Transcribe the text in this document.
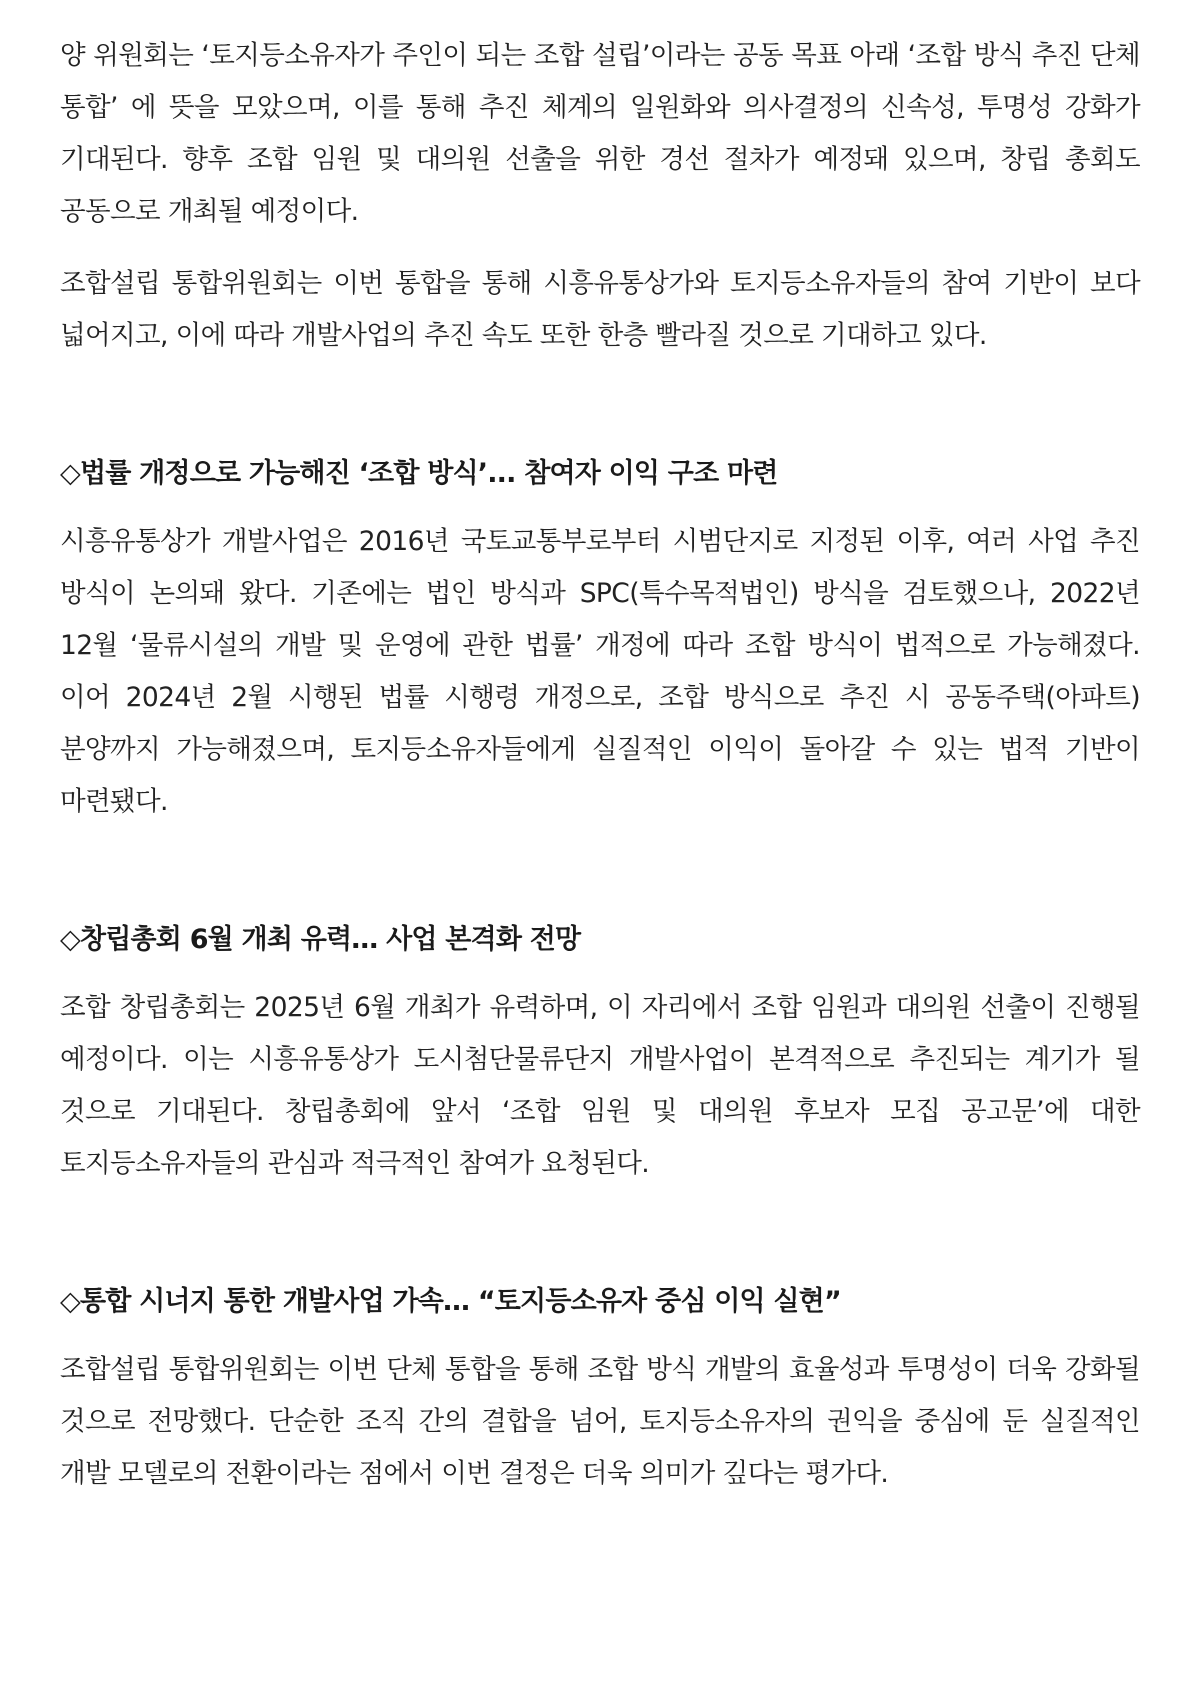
양 위원회는 ‘토지등소유자가 주인이 되는 조합 설립’이라는 공동 목표 아래 ‘조합 방식 추진 단체 통합’ 에 뜻을 모았으며, 이를 통해 추진 체계의 일원화와 의사결정의 신속성, 투명성 강화가 기대된다. 향후 조합 임원 및 대의원 선출을 위한 경선 절차가 예정돼 있으며, 창립 총회도 공동으로 개최될 예정이다.

조합설립 통합위원회는 이번 통합을 통해 시흥유통상가와 토지등소유자들의 참여 기반이 보다 넓어지고, 이에 따라 개발사업의 추진 속도 또한 한층 빨라질 것으로 기대하고 있다.

◇법률 개정으로 가능해진 ‘조합 방식’... 참여자 이익 구조 마련

시흥유통상가 개발사업은 2016년 국토교통부로부터 시범단지로 지정된 이후, 여러 사업 추진 방식이 논의돼 왔다. 기존에는 법인 방식과 SPC(특수목적법인) 방식을 검토했으나, 2022년 12월 ‘물류시설의 개발 및 운영에 관한 법률’ 개정에 따라 조합 방식이 법적으로 가능해졌다. 이어 2024년 2월 시행된 법률 시행령 개정으로, 조합 방식으로 추진 시 공동주택(아파트) 분양까지 가능해졌으며, 토지등소유자들에게 실질적인 이익이 돌아갈 수 있는 법적 기반이 마련됐다.

◇창립총회 6월 개최 유력… 사업 본격화 전망

조합 창립총회는 2025년 6월 개최가 유력하며, 이 자리에서 조합 임원과 대의원 선출이 진행될 예정이다. 이는 시흥유통상가 도시첨단물류단지 개발사업이 본격적으로 추진되는 계기가 될 것으로 기대된다. 창립총회에 앞서 ‘조합 임원 및 대의원 후보자 모집 공고문’에 대한 토지등소유자들의 관심과 적극적인 참여가 요청된다.

◇통합 시너지 통한 개발사업 가속… “토지등소유자 중심 이익 실현”

조합설립 통합위원회는 이번 단체 통합을 통해 조합 방식 개발의 효율성과 투명성이 더욱 강화될 것으로 전망했다. 단순한 조직 간의 결합을 넘어, 토지등소유자의 권익을 중심에 둔 실질적인 개발 모델로의 전환이라는 점에서 이번 결정은 더욱 의미가 깊다는 평가다.
